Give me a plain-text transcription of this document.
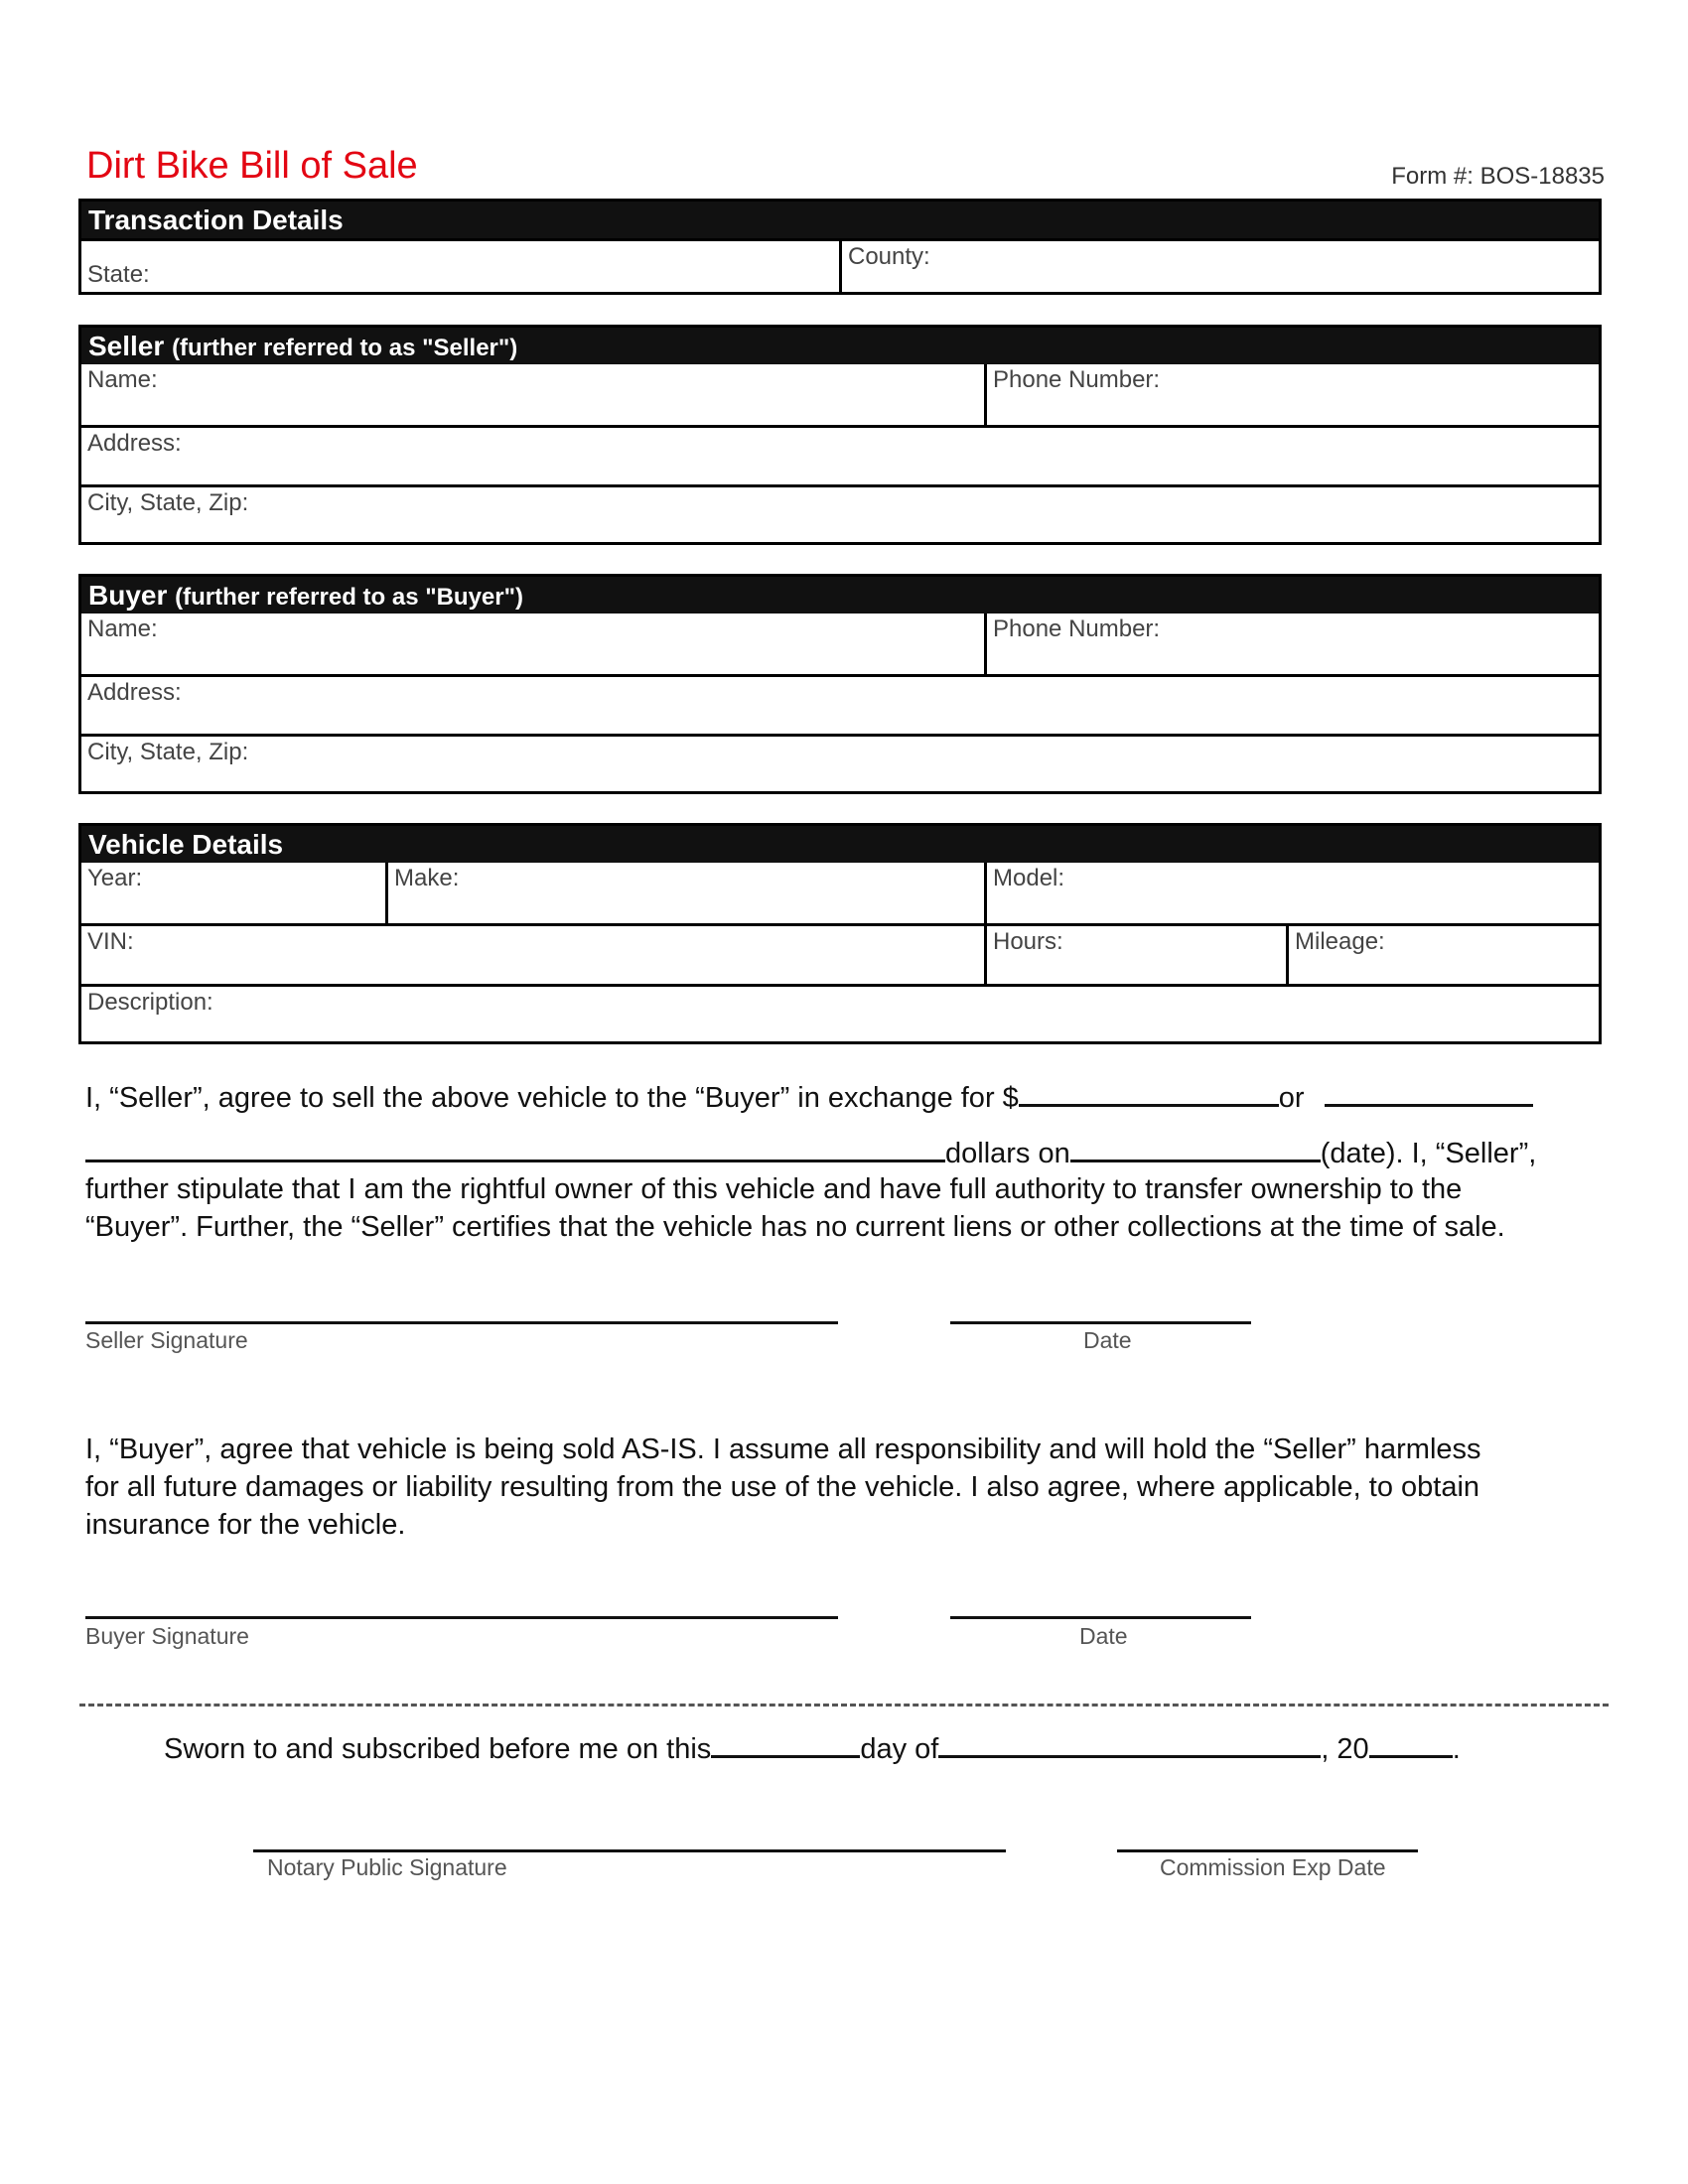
Dirt Bike Bill of Sale	Form #: BOS-18835
Transaction Details
State:
County:
Seller (further referred to as "Seller")
Name:	Phone Number:
Address:
City, State, Zip:
Buyer (further referred to as "Buyer")
Name:	Phone Number:
Address:
City, State, Zip:
Vehicle Details
Year:	Make:	Model:
VIN:	Hours:	Mileage:
Description:
I, “Seller”, agree to sell the above vehicle to the “Buyer” in exchange for $	or
dollars on	(date). I, “Seller”,
further stipulate that I am the rightful owner of this vehicle and have full authority to transfer ownership to the
“Buyer”. Further, the “Seller” certifies that the vehicle has no current liens or other collections at the time of sale.
Seller Signature	Date
I, “Buyer”, agree that vehicle is being sold AS-IS. I assume all responsibility and will hold the “Seller” harmless
for all future damages or liability resulting from the use of the vehicle. I also agree, where applicable, to obtain
insurance for the vehicle.
Buyer Signature	Date
Sworn to and subscribed before me on this	day of	, 20	.
Notary Public Signature	Commission Exp Date
